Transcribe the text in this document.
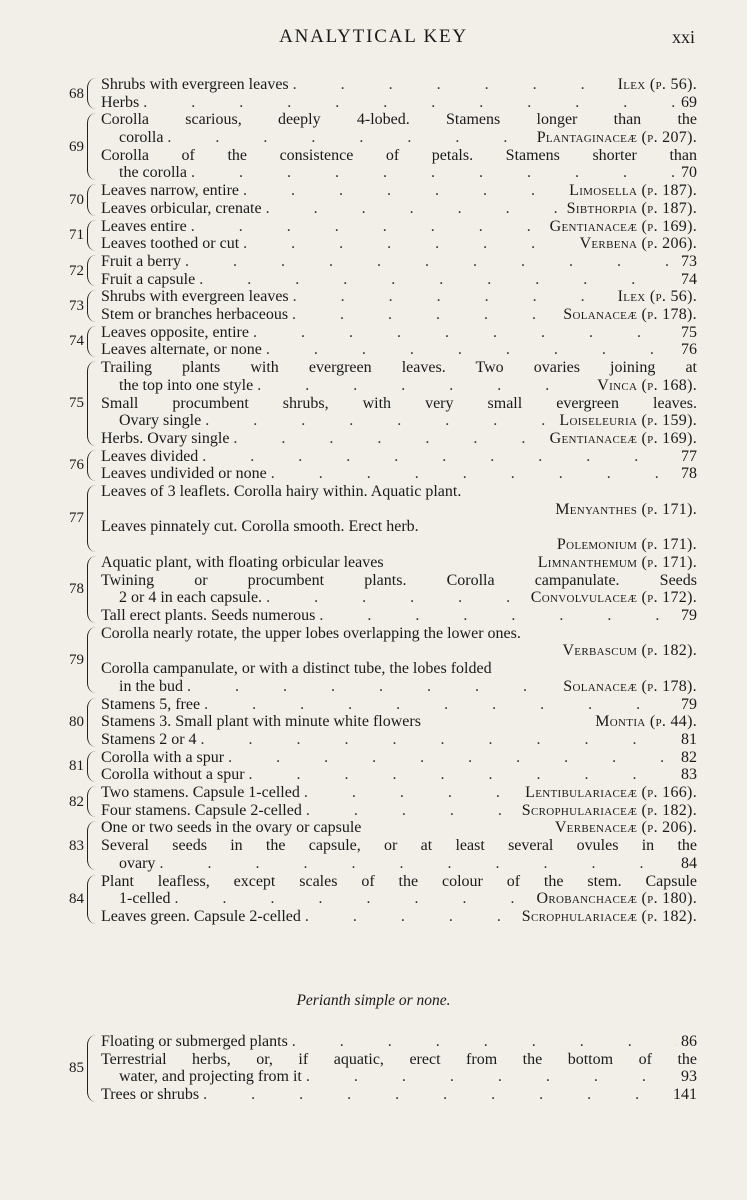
ANALYTICAL KEY	xxi
68
Shrubs with evergreen leaves . . .	Ilex (p. 56).
Herbs . . .	69
69
Corolla scarious, deeply 4-lobed. Stamens longer than the
corolla . . .	Plantaginaceæ (p. 207).
Corolla of the consistence of petals. Stamens shorter than
the corolla . . .	70
70
Leaves narrow, entire . . .	Limosella (p. 187).
Leaves orbicular, crenate . . .	Sibthorpia (p. 187).
71
Leaves entire . . .	Gentianaceæ (p. 169).
Leaves toothed or cut . . .	Verbena (p. 206).
72
Fruit a berry . . .	73
Fruit a capsule . . .	74
73
Shrubs with evergreen leaves . . .	Ilex (p. 56).
Stem or branches herbaceous . . .	Solanaceæ (p. 178).
74
Leaves opposite, entire . . .	75
Leaves alternate, or none . . .	76
75
Trailing plants with evergreen leaves. Two ovaries joining at
the top into one style . . .	Vinca (p. 168).
Small procumbent shrubs, with very small evergreen leaves.
Ovary single . . .	Loiseleuria (p. 159).
Herbs. Ovary single . . .	Gentianaceæ (p. 169).
76
Leaves divided . . .	77
Leaves undivided or none . . .	78
77
Leaves of 3 leaflets. Corolla hairy within. Aquatic plant.
Menyanthes (p. 171).
Leaves pinnately cut. Corolla smooth. Erect herb.
Polemonium (p. 171).
78
Aquatic plant, with floating orbicular leaves	Limnanthemum (p. 171).
Twining or procumbent plants. Corolla campanulate. Seeds
2 or 4 in each capsule. . . .	Convolvulaceæ (p. 172).
Tall erect plants. Seeds numerous . . .	79
79
Corolla nearly rotate, the upper lobes overlapping the lower ones.
Verbascum (p. 182).
Corolla campanulate, or with a distinct tube, the lobes folded
in the bud . . .	Solanaceæ (p. 178).
80
Stamens 5, free . . .	79
Stamens 3. Small plant with minute white flowers	Montia (p. 44).
Stamens 2 or 4 . . .	81
81
Corolla with a spur . . .	82
Corolla without a spur . . .	83
82
Two stamens. Capsule 1-celled . . .	Lentibulariaceæ (p. 166).
Four stamens. Capsule 2-celled . . .	Scrophulariaceæ (p. 182).
83
One or two seeds in the ovary or capsule	Verbenaceæ (p. 206).
Several seeds in the capsule, or at least several ovules in the
ovary . . .	84
84
Plant leafless, except scales of the colour of the stem. Capsule
1-celled . . .	Orobanchaceæ (p. 180).
Leaves green. Capsule 2-celled . . .	Scrophulariaceæ (p. 182).
Perianth simple or none.
85
Floating or submerged plants . . .	86
Terrestrial herbs, or, if aquatic, erect from the bottom of the
water, and projecting from it . . .	93
Trees or shrubs . . .	141
